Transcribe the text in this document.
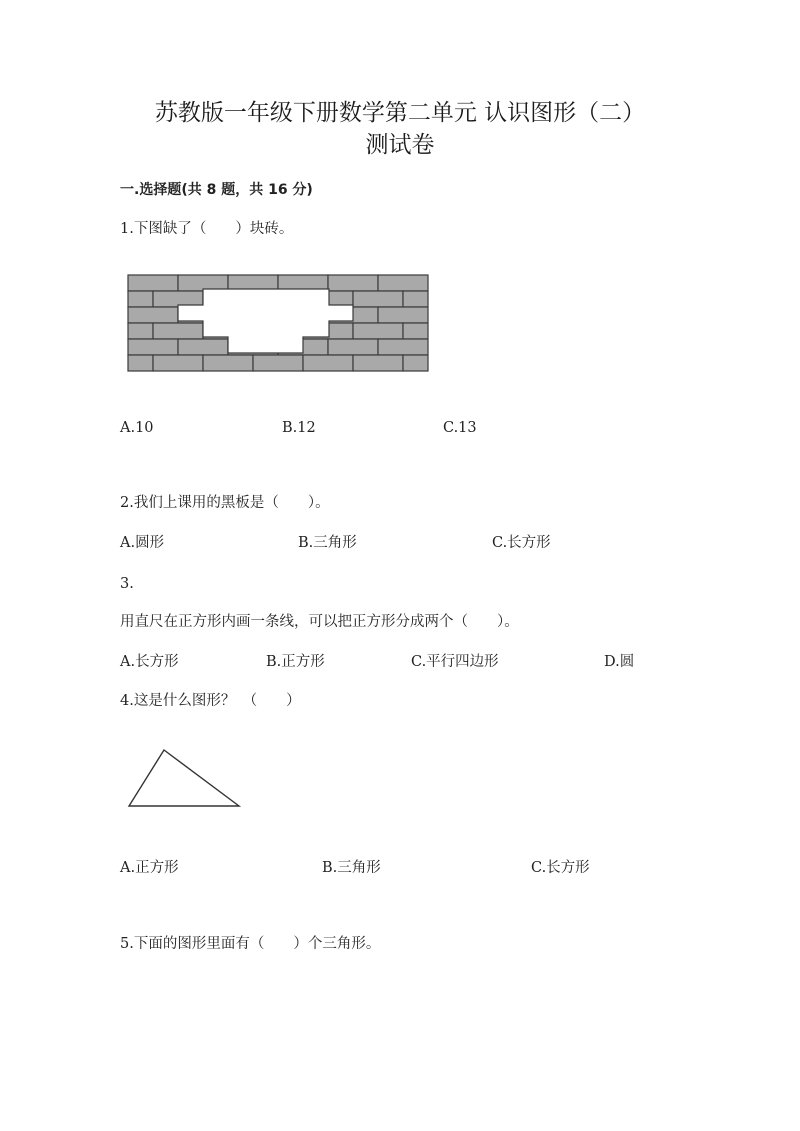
苏教版一年级下册数学第二单元 认识图形（二）
测试卷
一.选择题(共 8 题，共 16 分)
1.下图缺了（　　）块砖。
A.10	B.12	C.13
2.我们上课用的黑板是（　　）。
A.圆形	B.三角形	C.长方形
3.
用直尺在正方形内画一条线，可以把正方形分成两个（　　）。
A.长方形	B.正方形	C.平行四边形	D.圆
4.这是什么图形？　（　　）
A.正方形	B.三角形	C.长方形
5.下面的图形里面有（　　）个三角形。
